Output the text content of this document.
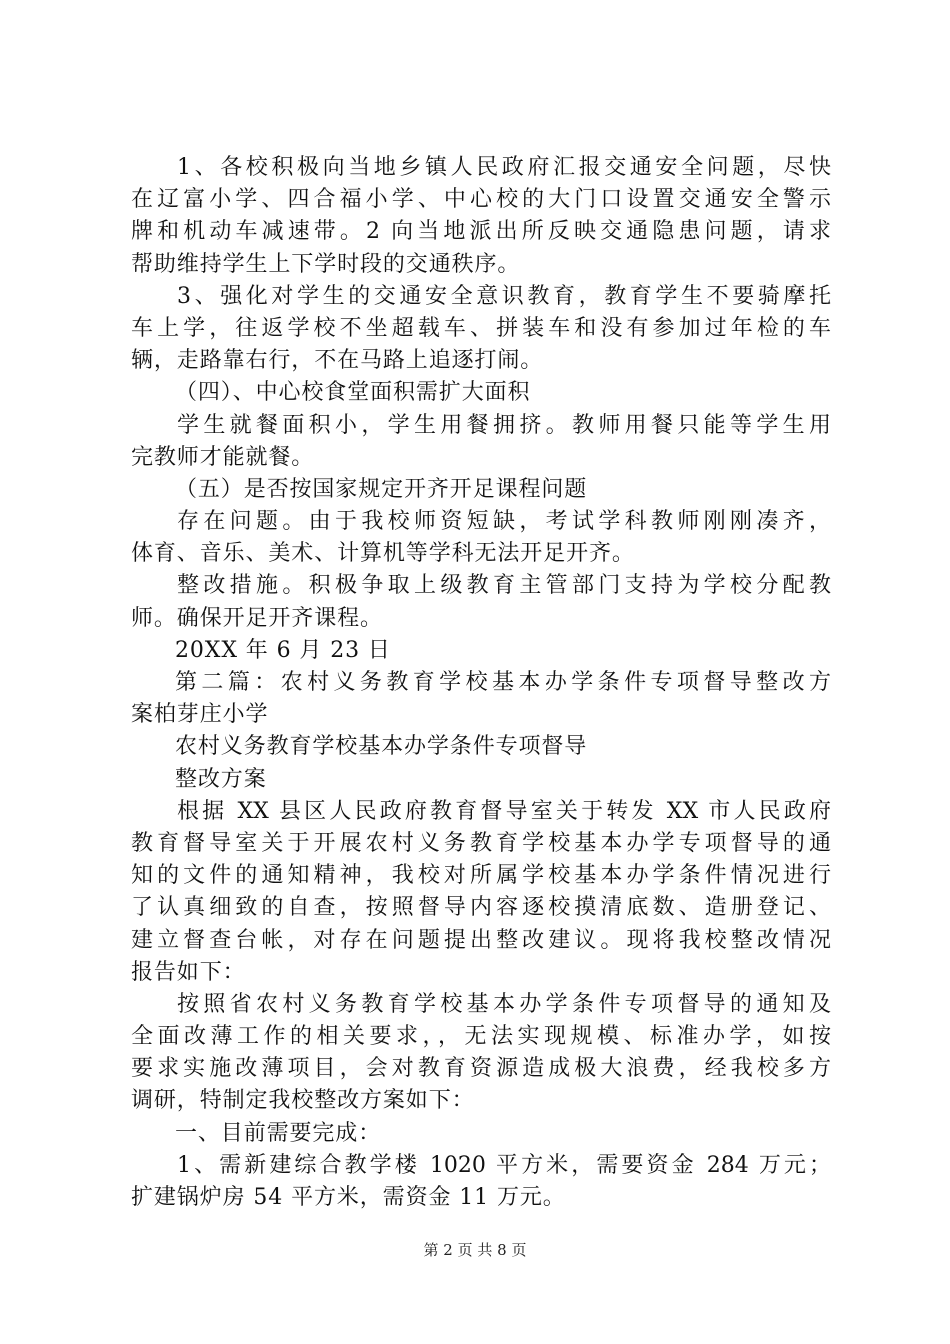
1、各校积极向当地乡镇人民政府汇报交通安全问题，尽快
在辽富小学、四合福小学、中心校的大门口设置交通安全警示
牌和机动车减速带。2 向当地派出所反映交通隐患问题，请求
帮助维持学生上下学时段的交通秩序。
3、强化对学生的交通安全意识教育，教育学生不要骑摩托
车上学，往返学校不坐超载车、拼装车和没有参加过年检的车
辆，走路靠右行，不在马路上追逐打闹。
（四）、中心校食堂面积需扩大面积
学生就餐面积小，学生用餐拥挤。教师用餐只能等学生用
完教师才能就餐。
（五）是否按国家规定开齐开足课程问题
存在问题。由于我校师资短缺，考试学科教师刚刚凑齐，
体育、音乐、美术、计算机等学科无法开足开齐。
整改措施。积极争取上级教育主管部门支持为学校分配教
师。确保开足开齐课程。
20XX 年 6 月 23 日
第二篇：农村义务教育学校基本办学条件专项督导整改方
案柏芽庄小学
农村义务教育学校基本办学条件专项督导
整改方案
根据 XX 县区人民政府教育督导室关于转发 XX 市人民政府
教育督导室关于开展农村义务教育学校基本办学专项督导的通
知的文件的通知精神，我校对所属学校基本办学条件情况进行
了认真细致的自查，按照督导内容逐校摸清底数、造册登记、
建立督查台帐，对存在问题提出整改建议。现将我校整改情况
报告如下：
按照省农村义务教育学校基本办学条件专项督导的通知及
全面改薄工作的相关要求，，无法实现规模、标准办学，如按
要求实施改薄项目，会对教育资源造成极大浪费，经我校多方
调研，特制定我校整改方案如下：
一、目前需要完成：
1、需新建综合教学楼 1020 平方米，需要资金 284 万元；
扩建锅炉房 54 平方米，需资金 11 万元。
第 2 页 共 8 页
